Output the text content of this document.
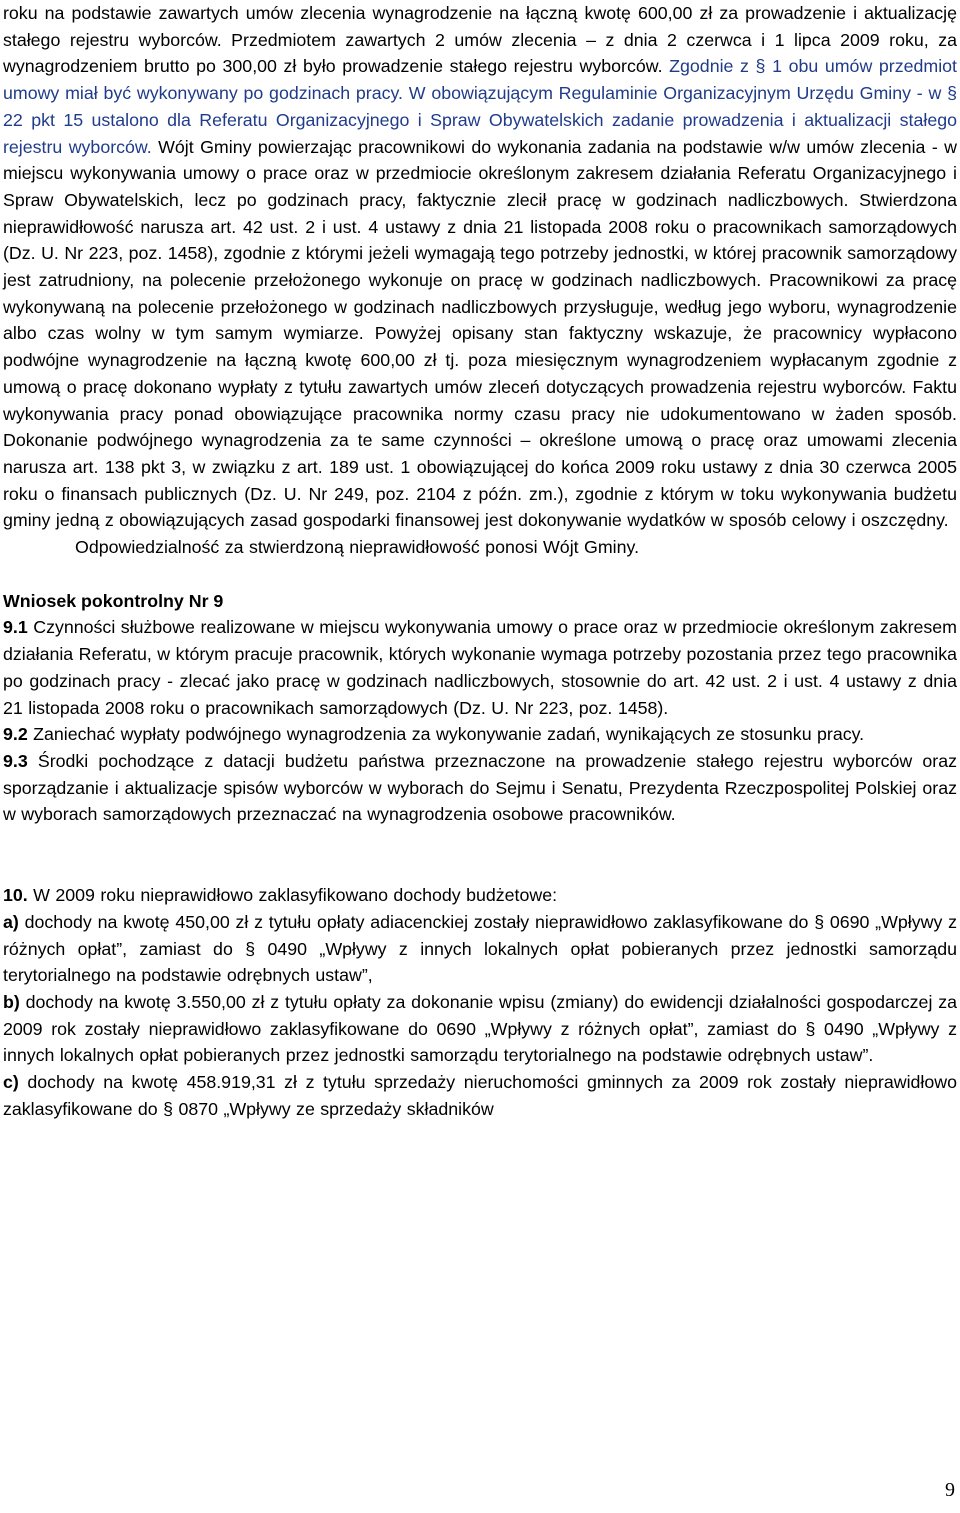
roku na podstawie zawartych umów zlecenia wynagrodzenie na łączną kwotę 600,00 zł za prowadzenie i aktualizację stałego rejestru wyborców. Przedmiotem zawartych 2 umów zlecenia – z dnia 2 czerwca i 1 lipca 2009 roku, za wynagrodzeniem brutto po 300,00 zł było prowadzenie stałego rejestru wyborców. Zgodnie z § 1 obu umów przedmiot umowy miał być wykonywany po godzinach pracy. W obowiązującym Regulaminie Organizacyjnym Urzędu Gminy - w § 22 pkt 15 ustalono dla Referatu Organizacyjnego i Spraw Obywatelskich zadanie prowadzenia i aktualizacji stałego rejestru wyborców. Wójt Gminy powierzając pracownikowi do wykonania zadania na podstawie w/w umów zlecenia - w miejscu wykonywania umowy o prace oraz w przedmiocie określonym zakresem działania Referatu Organizacyjnego i Spraw Obywatelskich, lecz po godzinach pracy, faktycznie zlecił pracę w godzinach nadliczbowych. Stwierdzona nieprawidłowość narusza art. 42 ust. 2 i ust. 4 ustawy z dnia 21 listopada 2008 roku o pracownikach samorządowych (Dz. U. Nr 223, poz. 1458), zgodnie z którymi jeżeli wymagają tego potrzeby jednostki, w której pracownik samorządowy jest zatrudniony, na polecenie przełożonego wykonuje on pracę w godzinach nadliczbowych. Pracownikowi za pracę wykonywaną na polecenie przełożonego w godzinach nadliczbowych przysługuje, według jego wyboru, wynagrodzenie albo czas wolny w tym samym wymiarze. Powyżej opisany stan faktyczny wskazuje, że pracownicy wypłacono podwójne wynagrodzenie na łączną kwotę 600,00 zł tj. poza miesięcznym wynagrodzeniem wypłacanym zgodnie z umową o pracę dokonano wypłaty z tytułu zawartych umów zleceń dotyczących prowadzenia rejestru wyborców. Faktu wykonywania pracy ponad obowiązujące pracownika normy czasu pracy nie udokumentowano w żaden sposób. Dokonanie podwójnego wynagrodzenia za te same czynności – określone umową o pracę oraz umowami zlecenia narusza art. 138 pkt 3, w związku z art. 189 ust. 1 obowiązującej do końca 2009 roku ustawy z dnia 30 czerwca 2005 roku o finansach publicznych (Dz. U. Nr 249, poz. 2104 z późn. zm.), zgodnie z którym w toku wykonywania budżetu gminy jedną z obowiązujących zasad gospodarki finansowej jest dokonywanie wydatków w sposób celowy i oszczędny.

Odpowiedzialność za stwierdzoną nieprawidłowość ponosi Wójt Gminy.

Wniosek pokontrolny Nr 9

9.1 Czynności służbowe realizowane w miejscu wykonywania umowy o prace oraz w przedmiocie określonym zakresem działania Referatu, w którym pracuje pracownik, których wykonanie wymaga potrzeby pozostania przez tego pracownika po godzinach pracy - zlecać jako pracę w godzinach nadliczbowych, stosownie do art. 42 ust. 2 i ust. 4 ustawy z dnia 21 listopada 2008 roku o pracownikach samorządowych (Dz. U. Nr 223, poz. 1458).

9.2 Zaniechać wypłaty podwójnego wynagrodzenia za wykonywanie zadań, wynikających ze stosunku pracy.

9.3 Środki pochodzące z datacji budżetu państwa przeznaczone na prowadzenie stałego rejestru wyborców oraz sporządzanie i aktualizacje spisów wyborców w wyborach do Sejmu i Senatu, Prezydenta Rzeczpospolitej Polskiej oraz w wyborach samorządowych przeznaczać na wynagrodzenia osobowe pracowników.

10. W 2009 roku nieprawidłowo zaklasyfikowano dochody budżetowe:

a) dochody na kwotę 450,00 zł z tytułu opłaty adiacenckiej zostały nieprawidłowo zaklasyfikowane do § 0690 „Wpływy z różnych opłat”, zamiast do § 0490 „Wpływy z innych lokalnych opłat pobieranych przez jednostki samorządu terytorialnego na podstawie odrębnych ustaw”,

b) dochody na kwotę 3.550,00 zł z tytułu opłaty za dokonanie wpisu (zmiany) do ewidencji działalności gospodarczej za 2009 rok zostały nieprawidłowo zaklasyfikowane do 0690 „Wpływy z różnych opłat”, zamiast do § 0490 „Wpływy z innych lokalnych opłat pobieranych przez jednostki samorządu terytorialnego na podstawie odrębnych ustaw”.

c) dochody na kwotę 458.919,31 zł z tytułu sprzedaży nieruchomości gminnych za 2009 rok zostały nieprawidłowo zaklasyfikowane do § 0870 „Wpływy ze sprzedaży składników

9
